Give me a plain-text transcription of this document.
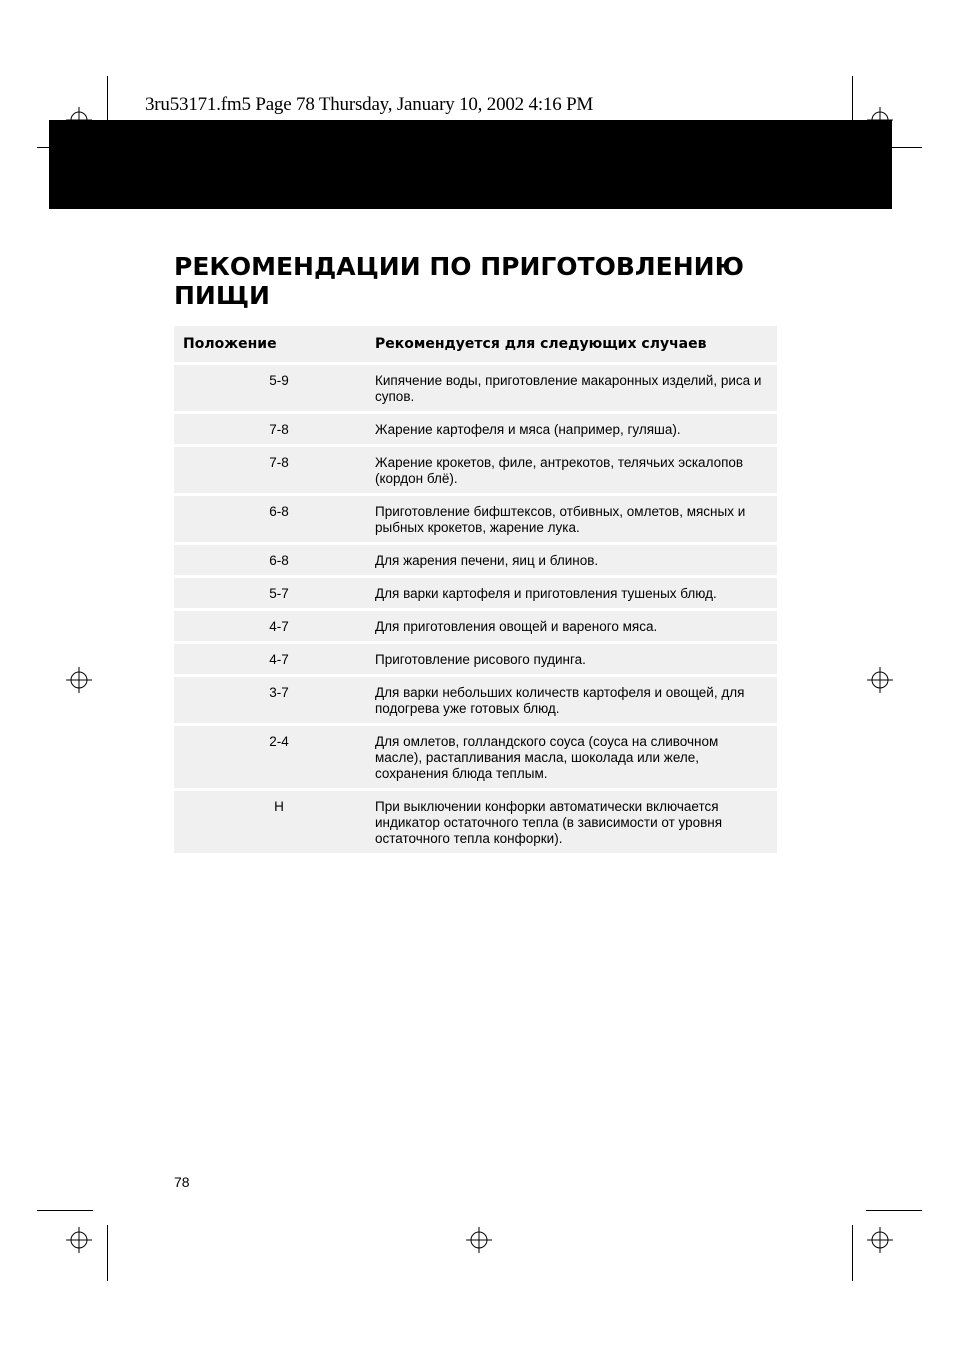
3ru53171.fm5 Page 78 Thursday, January 10, 2002 4:16 PM
РЕКОМЕНДАЦИИ ПО ПРИГОТОВЛЕНИЮ ПИЩИ
Положение	Рекомендуется для следующих случаев
5-9	Кипячение воды, приготовление макаронных изделий, риса и супов.
7-8	Жарение картофеля и мяса (например, гуляша).
7-8	Жарение крокетов, филе, антрекотов, телячьих эскалопов (кордон блё).
6-8	Приготовление бифштексов, отбивных, омлетов, мясных и рыбных крокетов, жарение лука.
6-8	Для жарения печени, яиц и блинов.
5-7	Для варки картофеля и приготовления тушеных блюд.
4-7	Для приготовления овощей и вареного мяса.
4-7	Приготовление рисового пудинга.
3-7	Для варки небольших количеств картофеля и овощей, для подогрева уже готовых блюд.
2-4	Для омлетов, голландского соуса (соуса на сливочном масле), растапливания масла, шоколада или желе, сохранения блюда теплым.
H	При выключении конфорки автоматически включается индикатор остаточного тепла (в зависимости от уровня остаточного тепла конфорки).
78
